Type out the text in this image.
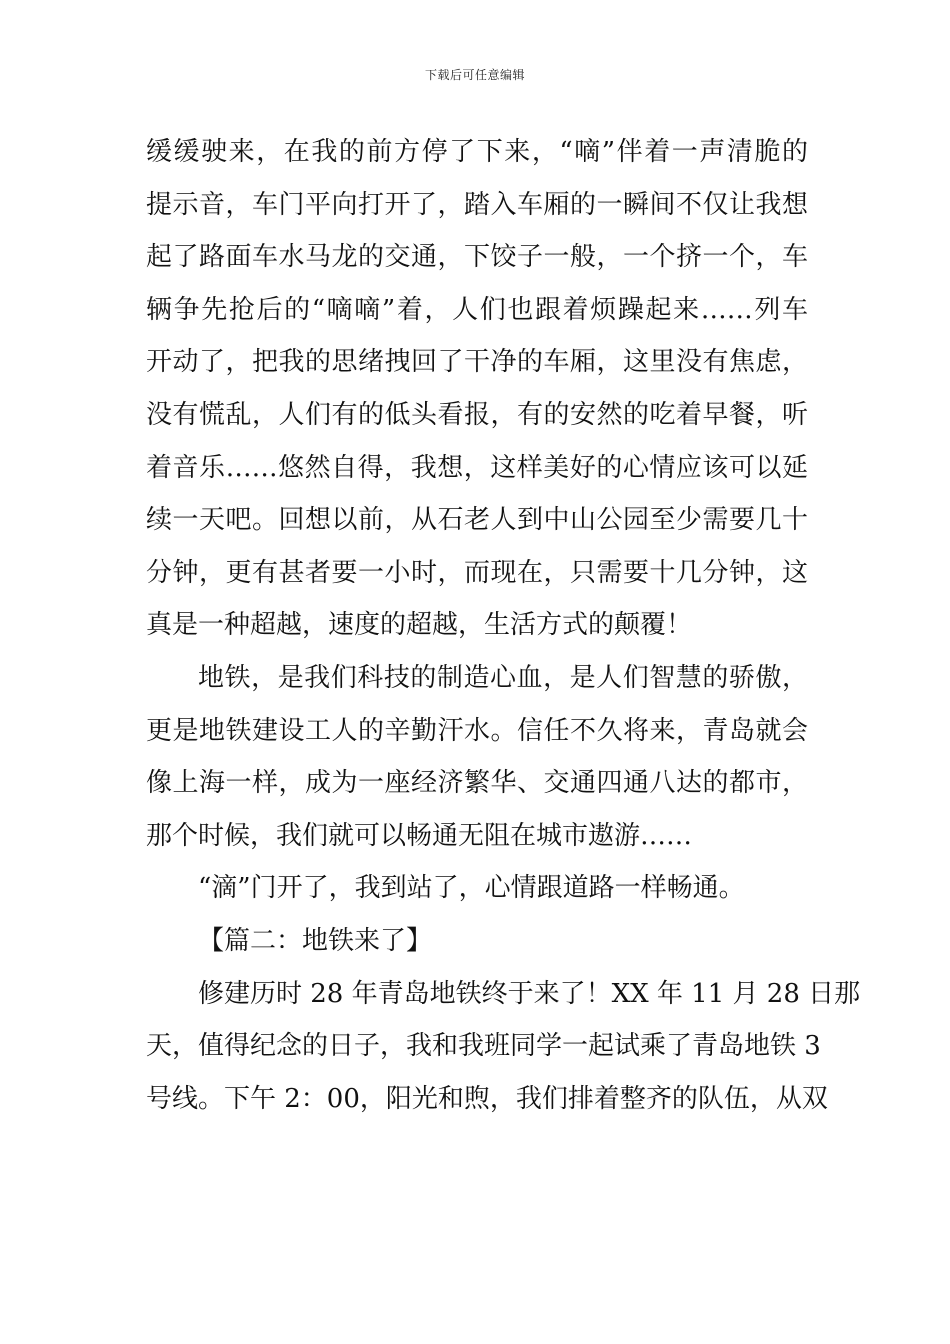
下载后可任意编辑
缓缓驶来，在我的前方停了下来，“嘀”伴着一声清脆的
提示音，车门平向打开了，踏入车厢的一瞬间不仅让我想
起了路面车水马龙的交通，下饺子一般，一个挤一个，车
辆争先抢后的“嘀嘀”着，人们也跟着烦躁起来……列车
开动了，把我的思绪拽回了干净的车厢，这里没有焦虑，
没有慌乱，人们有的低头看报，有的安然的吃着早餐，听
着音乐……悠然自得，我想，这样美好的心情应该可以延
续一天吧。回想以前，从石老人到中山公园至少需要几十
分钟，更有甚者要一小时，而现在，只需要十几分钟，这
真是一种超越，速度的超越，生活方式的颠覆！
地铁，是我们科技的制造心血，是人们智慧的骄傲，
更是地铁建设工人的辛勤汗水。信任不久将来，青岛就会
像上海一样，成为一座经济繁华、交通四通八达的都市，
那个时候，我们就可以畅通无阻在城市遨游……
“滴”门开了，我到站了，心情跟道路一样畅通。
【篇二：地铁来了】
修建历时 28 年青岛地铁终于来了！XX 年 11 月 28 日那
天，值得纪念的日子，我和我班同学一起试乘了青岛地铁 3
号线。下午 2：00，阳光和煦，我们排着整齐的队伍，从双
